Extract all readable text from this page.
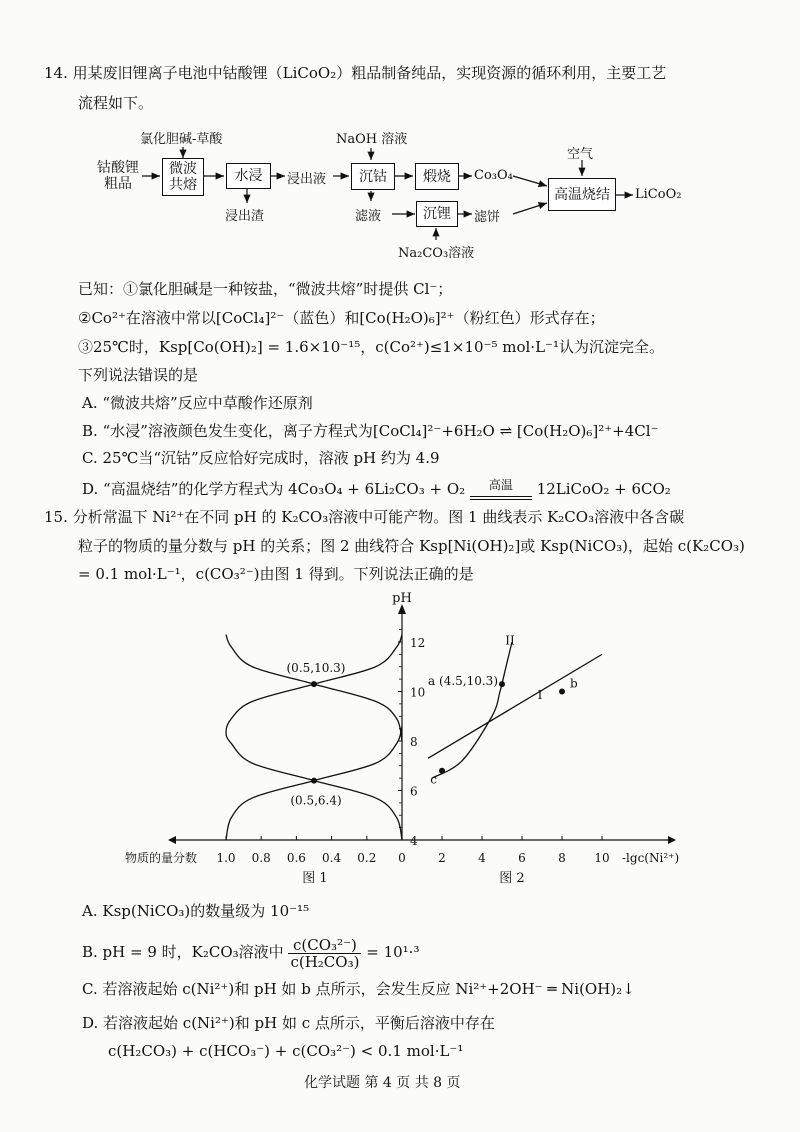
14. 用某废旧锂离子电池中钴酸锂（LiCoO₂）粗品制备纯品，实现资源的循环利用，主要工艺
流程如下。
钴酸锂
粗品
氯化胆碱-草酸
微波
共熔
水浸
浸出渣
浸出液
NaOH 溶液
沉钴	煅烧	Co₃O₄
滤液	沉锂	滤饼
Na₂CO₃溶液
空气
高温烧结	LiCoO₂
已知：①氯化胆碱是一种铵盐，“微波共熔”时提供 Cl⁻；
②Co²⁺在溶液中常以[CoCl₄]²⁻（蓝色）和[Co(H₂O)₆]²⁺（粉红色）形式存在；
③25℃时，Ksp[Co(OH)₂] = 1.6×10⁻¹⁵，c(Co²⁺)≤1×10⁻⁵ mol·L⁻¹认为沉淀完全。
下列说法错误的是
A. “微波共熔”反应中草酸作还原剂
B. “水浸”溶液颜色发生变化，离子方程式为[CoCl₄]²⁻+6H₂O ⇌ [Co(H₂O)₆]²⁺+4Cl⁻
C. 25℃当“沉钴”反应恰好完成时，溶液 pH 约为 4.9
D. “高温烧结”的化学方程式为 4Co₃O₄ + 6Li₂CO₃ + O₂	高温	12LiCoO₂ + 6CO₂
15. 分析常温下 Ni²⁺在不同 pH 的 K₂CO₃溶液中可能产物。图 1 曲线表示 K₂CO₃溶液中各含碳
粒子的物质的量分数与 pH 的关系；图 2 曲线符合 Ksp[Ni(OH)₂]或 Ksp(NiCO₃)，起始 c(K₂CO₃)
= 0.1 mol·L⁻¹，c(CO₃²⁻)由图 1 得到。下列说法正确的是
pH
4
6
8
10
12
1.0 0.8 0.6 0.4 0.2 0
物质的量分数
图 1
2	4	6	8 10 -lgc(Ni²⁺)
图 2
(0.5,10.3)
(0.5,6.4)
II
I
a (4.5,10.3)	b
c
A. Ksp(NiCO₃)的数量级为 10⁻¹⁵
B. pH = 9 时，K₂CO₃溶液中 $\frac{\text{c(CO₃²⁻)}}{\text{c(H₂CO₃)}} = 10^1\cdot^3$
C. 若溶液起始 c(Ni²⁺)和 pH 如 b 点所示，会发生反应 Ni²⁺+2OH⁻ ═ Ni(OH)₂↓
D. 若溶液起始 c(Ni²⁺)和 pH 如 c 点所示，平衡后溶液中存在
c(H₂CO₃) + c(HCO₃⁻) + c(CO₃²⁻) < 0.1 mol·L⁻¹
化学试题 第 4 页 共 8 页
